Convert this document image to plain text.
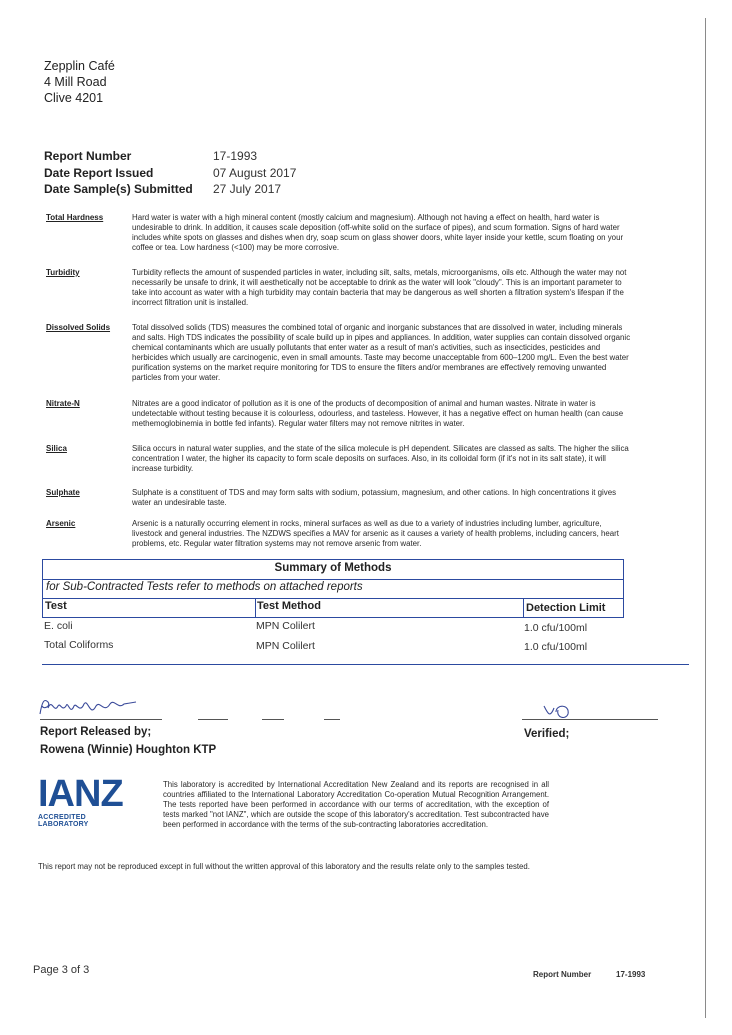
Zepplin Café
4 Mill Road
Clive 4201
Report Number	17-1993
Date Report Issued	07 August 2017
Date Sample(s) Submitted	27 July 2017
Total Hardness	Hard water is water with a high mineral content (mostly calcium and magnesium). Although not having a effect on health, hard water is undesirable to drink. In addition, it causes scale deposition (off-white solid on the surface of pipes), and scum formation. Signs of hard water includes white spots on glasses and dishes when dry, soap scum on glass shower doors, white layer inside your kettle, scum floating on your coffee or tea. Low hardness (<100) may be more corrosive.
Turbidity	Turbidity reflects the amount of suspended particles in water, including silt, salts, metals, microorganisms, oils etc. Although the water may not necessarily be unsafe to drink, it will aesthetically not be acceptable to drink as the water will look "cloudy". This is an important parameter to take into account as water with a high turbidity may contain bacteria that may be dangerous as well shorten a filtration system's lifespan if the incorrect filtration unit is installed.
Dissolved Solids	Total dissolved solids (TDS) measures the combined total of organic and inorganic substances that are dissolved in water, including minerals and salts. High TDS indicates the possibility of scale build up in pipes and appliances. In addition, water supplies can contain dissolved organic chemical contaminants which are usually pollutants that enter water as a result of man's activities, such as insecticides, pesticides and herbicides which usually are carcinogenic, even in small amounts. Taste may become unacceptable from 600–1200 mg/L. Even the best water purification systems on the market require monitoring for TDS to ensure the filters and/or membranes are effectively removing unwanted particles from your water.
Nitrate-N	Nitrates are a good indicator of pollution as it is one of the products of decomposition of animal and human wastes. Nitrate in water is undetectable without testing because it is colourless, odourless, and tasteless. However, it has a negative effect on human health (can cause methemoglobinemia in bottle fed infants). Regular water filters may not remove nitrites in water.
Silica	Silica occurs in natural water supplies, and the state of the silica molecule is pH dependent. Silicates are classed as salts. The higher the silica concentration I water, the higher its capacity to form scale deposits on surfaces. Also, in its colloidal form (if it's not in its salt state), it will increase turbidity.
Sulphate	Sulphate is a constituent of TDS and may form salts with sodium, potassium, magnesium, and other cations. In high concentrations it gives water an undesirable taste.
Arsenic	Arsenic is a naturally occurring element in rocks, mineral surfaces as well as due to a variety of industries including lumber, agriculture, livestock and general industries. The NZDWS specifies a MAV for arsenic as it causes a variety of health problems, including cancers, heart problems, etc. Regular water filtration systems may not remove arsenic from water.
Summary of Methods
for Sub-Contracted Tests refer to methods on attached reports
Test	Test Method	Detection Limit
E. coli	MPN Colilert	1.0 cfu/100ml
Total Coliforms	MPN Colilert	1.0 cfu/100ml
Report Released by;
Rowena (Winnie) Houghton KTP
Verified;
IANZ
ACCREDITED LABORATORY
This laboratory is accredited by International Accreditation New Zealand and its reports are recognised in all countries affiliated to the International Laboratory Accreditation Co-operation Mutual Recognition Arrangement. The tests reported have been performed in accordance with our terms of accreditation, with the exception of tests marked "not IANZ", which are outside the scope of this laboratory's accreditation. Test subcontracted have been performed in accordance with the terms of the sub-contracting laboratories accreditation.
This report may not be reproduced except in full without the written approval of this laboratory and the results relate only to the samples tested.
Page 3 of 3	Report Number	17-1993
